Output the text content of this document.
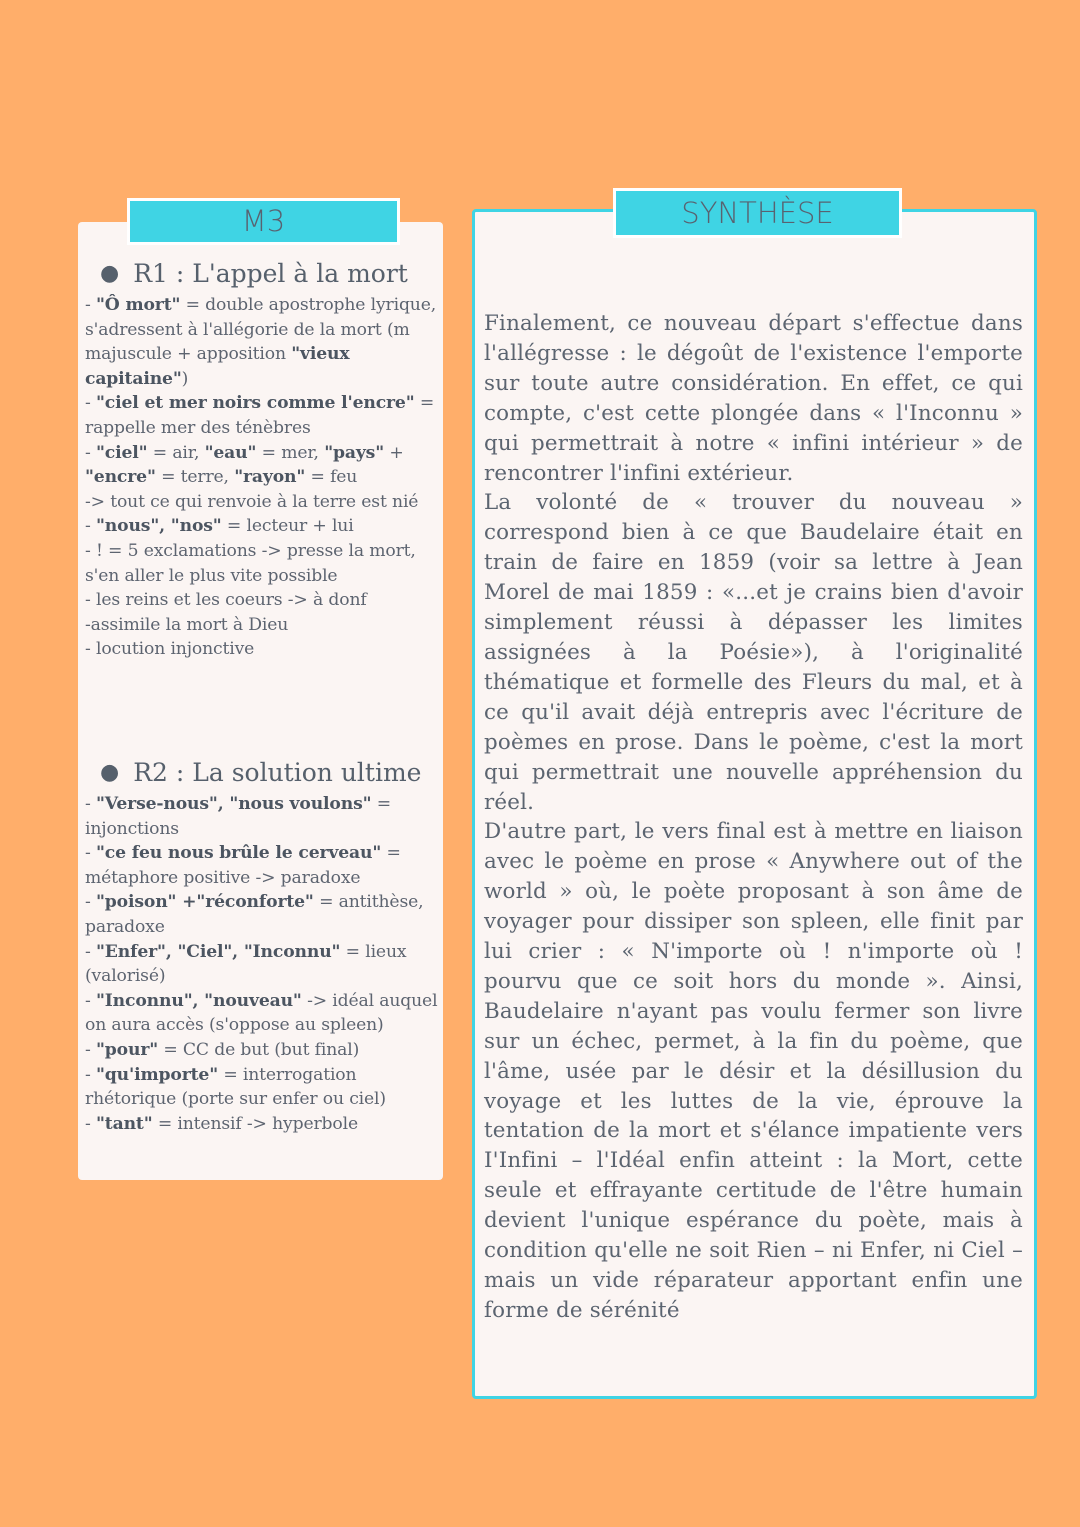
M3
● R1 : L'appel à la mort
- "Ô mort" = double apostrophe lyrique,
s'adressent à l'allégorie de la mort (m
majuscule + apposition "vieux
capitaine")
- "ciel et mer noirs comme l'encre" =
rappelle mer des ténèbres
- "ciel" = air, "eau" = mer, "pays" +
"encre" = terre, "rayon" = feu
-> tout ce qui renvoie à la terre est nié
- "nous", "nos" = lecteur + lui
- ! = 5 exclamations -> presse la mort,
s'en aller le plus vite possible
- les reins et les coeurs -> à donf
-assimile la mort à Dieu
- locution injonctive
● R2 : La solution ultime
- "Verse-nous", "nous voulons" =
injonctions
- "ce feu nous brûle le cerveau" =
métaphore positive -> paradoxe
- "poison" +"réconforte" = antithèse,
paradoxe
- "Enfer", "Ciel", "Inconnu" = lieux
(valorisé)
- "Inconnu", "nouveau" -> idéal auquel
on aura accès (s'oppose au spleen)
- "pour" = CC de but (but final)
- "qu'importe" = interrogation
rhétorique (porte sur enfer ou ciel)
- "tant" = intensif -> hyperbole
SYNTHÈSE

Finalement, ce nouveau départ s'effectue dans l'allégresse : le dégoût de l'existence l'emporte sur toute autre considération. En effet, ce qui compte, c'est cette plongée dans « l'Inconnu » qui permettrait à notre « infini intérieur » de rencontrer l'infini extérieur.

La volonté de « trouver du nouveau » correspond bien à ce que Baudelaire était en train de faire en 1859 (voir sa lettre à Jean Morel de mai 1859 : «...et je crains bien d'avoir simplement réussi à dépasser les limites assignées à la Poésie»), à l'originalité thématique et formelle des Fleurs du mal, et à ce qu'il avait déjà entrepris avec l'écriture de poèmes en prose. Dans le poème, c'est la mort qui permettrait une nouvelle appréhension du réel.

D'autre part, le vers final est à mettre en liaison avec le poème en prose « Anywhere out of the world » où, le poète proposant à son âme de voyager pour dissiper son spleen, elle finit par lui crier : « N'importe où ! n'importe où ! pourvu que ce soit hors du monde ». Ainsi, Baudelaire n'ayant pas voulu fermer son livre sur un échec, permet, à la fin du poème, que l'âme, usée par le désir et la désillusion du voyage et les luttes de la vie, éprouve la tentation de la mort et s'élance impatiente vers I'Infini – l'Idéal enfin atteint : la Mort, cette seule et effrayante certitude de l'être humain devient l'unique espérance du poète, mais à condition qu'elle ne soit Rien – ni Enfer, ni Ciel – mais un vide réparateur apportant enfin une forme de sérénité
